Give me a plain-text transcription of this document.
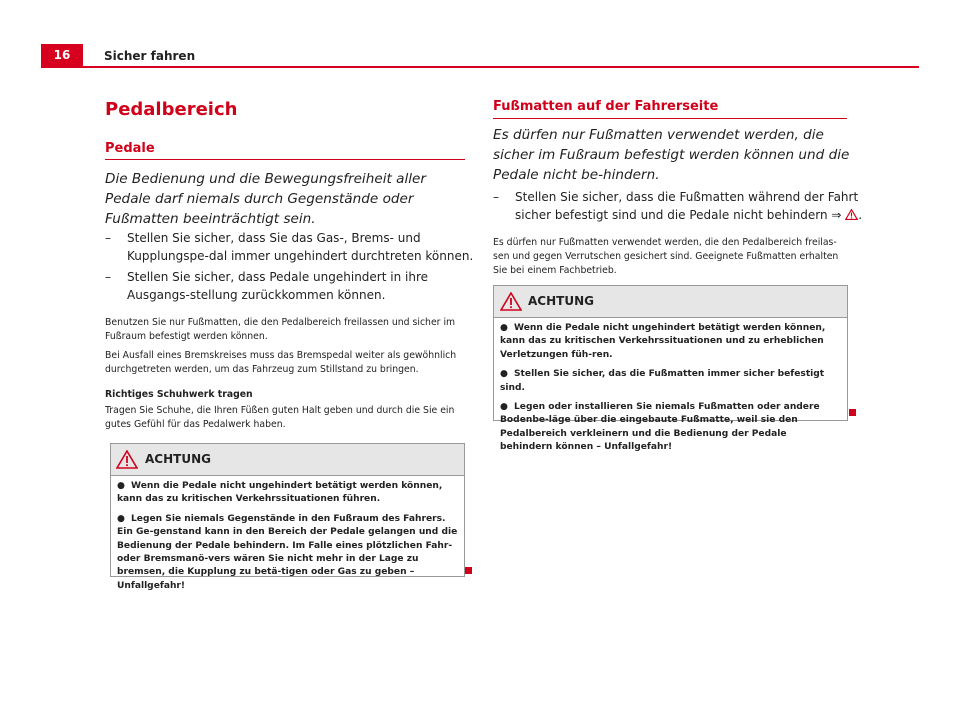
16	Sicher fahren
Pedalbereich
Pedale
Die Bedienung und die Bewegungsfreiheit aller Pedale darf niemals durch Gegenstände oder Fußmatten beeinträchtigt sein.
– Stellen Sie sicher, dass Sie das Gas-, Brems- und Kupplungspe-dal immer ungehindert durchtreten können.
– Stellen Sie sicher, dass Pedale ungehindert in ihre Ausgangs-stellung zurückkommen können.
Benutzen Sie nur Fußmatten, die den Pedalbereich freilassen und sicher im Fußraum befestigt werden können.
Bei Ausfall eines Bremskreises muss das Bremspedal weiter als gewöhnlich durchgetreten werden, um das Fahrzeug zum Stillstand zu bringen.
Richtiges Schuhwerk tragen
Tragen Sie Schuhe, die Ihren Füßen guten Halt geben und durch die Sie ein gutes Gefühl für das Pedalwerk haben.
ACHTUNG

● Wenn die Pedale nicht ungehindert betätigt werden können, kann das zu kritischen Verkehrssituationen führen.

● Legen Sie niemals Gegenstände in den Fußraum des Fahrers. Ein Ge-genstand kann in den Bereich der Pedale gelangen und die Bedienung der Pedale behindern. Im Falle eines plötzlichen Fahr- oder Bremsmanö-vers wären Sie nicht mehr in der Lage zu bremsen, die Kupplung zu betä-tigen oder Gas zu geben – Unfallgefahr!

Fußmatten auf der Fahrerseite
Es dürfen nur Fußmatten verwendet werden, die sicher im Fußraum befestigt werden können und die Pedale nicht be-hindern.
– Stellen Sie sicher, dass die Fußmatten während der Fahrt sicher befestigt sind und die Pedale nicht behindern ⇒ .
Es dürfen nur Fußmatten verwendet werden, die den Pedalbereich freilas-sen und gegen Verrutschen gesichert sind. Geeignete Fußmatten erhalten Sie bei einem Fachbetrieb.
ACHTUNG

● Wenn die Pedale nicht ungehindert betätigt werden können, kann das zu kritischen Verkehrssituationen und zu erheblichen Verletzungen füh-ren.

● Stellen Sie sicher, das die Fußmatten immer sicher befestigt sind.

● Legen oder installieren Sie niemals Fußmatten oder andere Bodenbe-läge über die eingebaute Fußmatte, weil sie den Pedalbereich verkleinern und die Bedienung der Pedale behindern können – Unfallgefahr!
